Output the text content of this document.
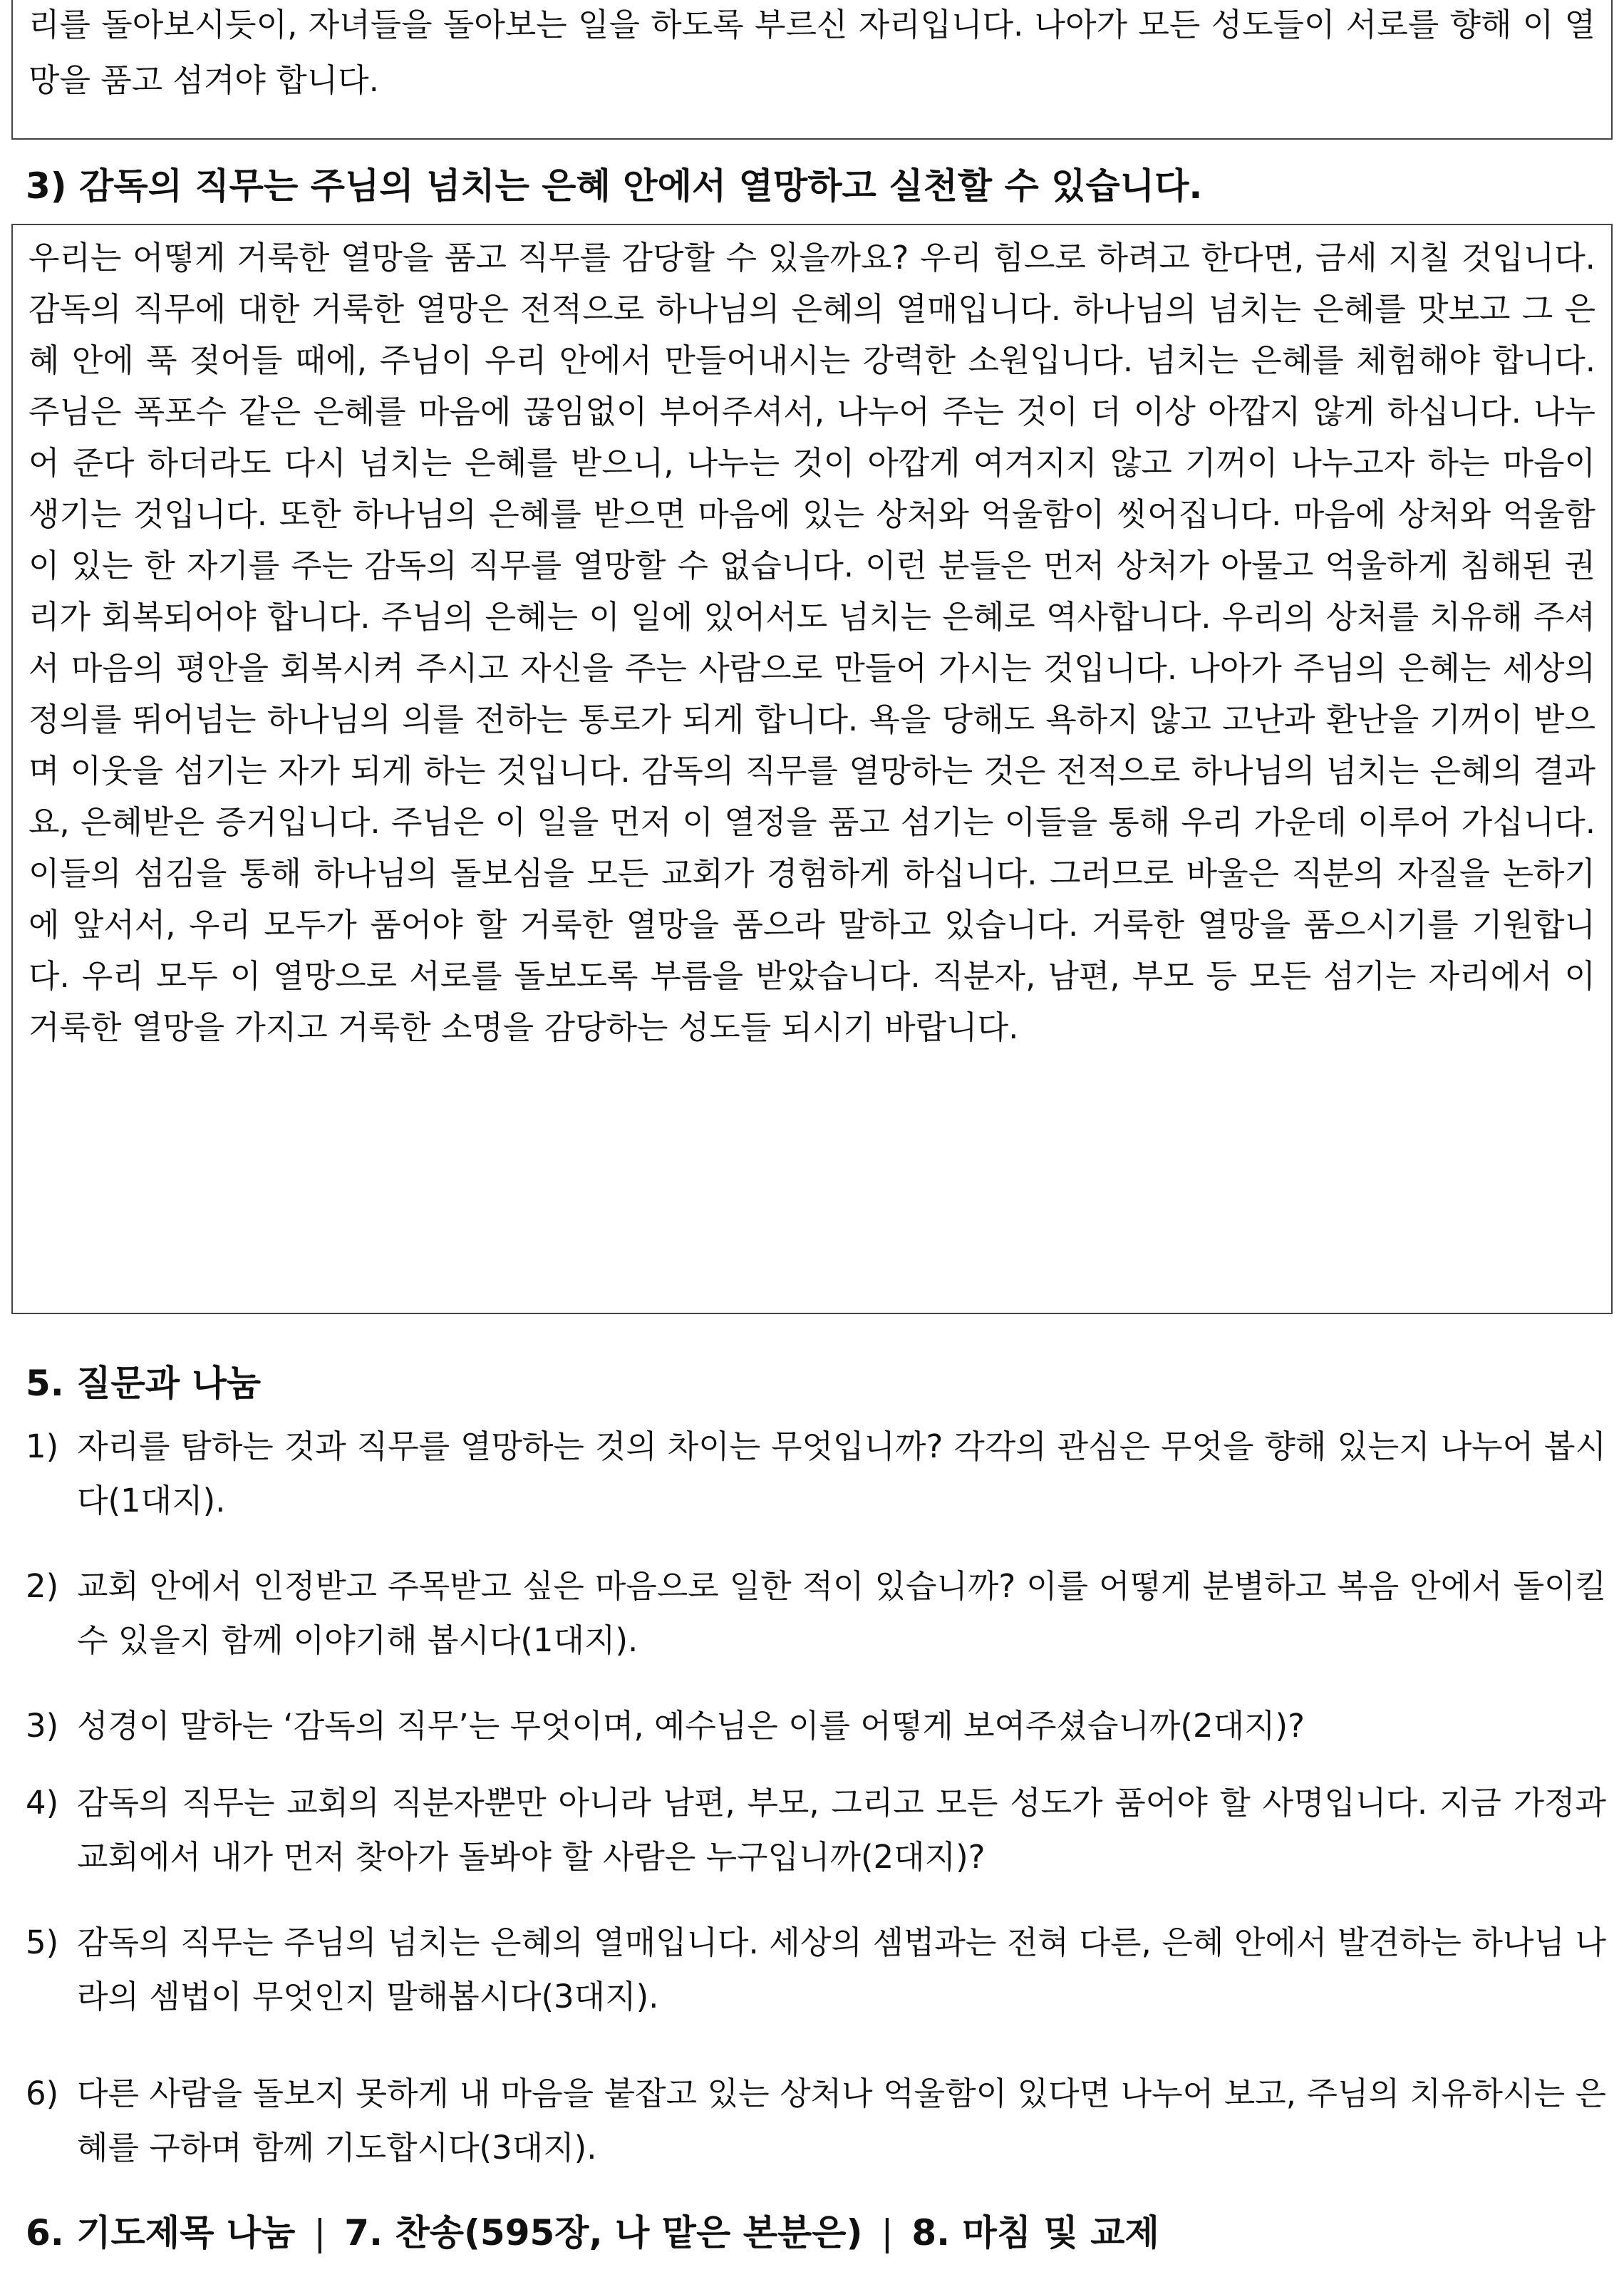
리를 돌아보시듯이, 자녀들을 돌아보는 일을 하도록 부르신 자리입니다. 나아가 모든 성도들이 서로를 향해 이 열망을 품고 섬겨야 합니다.

3) 감독의 직무는 주님의 넘치는 은혜 안에서 열망하고 실천할 수 있습니다.

우리는 어떻게 거룩한 열망을 품고 직무를 감당할 수 있을까요? 우리 힘으로 하려고 한다면, 금세 지칠 것입니다. 감독의 직무에 대한 거룩한 열망은 전적으로 하나님의 은혜의 열매입니다. 하나님의 넘치는 은혜를 맛보고 그 은혜 안에 푹 젖어들 때에, 주님이 우리 안에서 만들어내시는 강력한 소원입니다. 넘치는 은혜를 체험해야 합니다. 주님은 폭포수 같은 은혜를 마음에 끊임없이 부어주셔서, 나누어 주는 것이 더 이상 아깝지 않게 하십니다. 나누어 준다 하더라도 다시 넘치는 은혜를 받으니, 나누는 것이 아깝게 여겨지지 않고 기꺼이 나누고자 하는 마음이 생기는 것입니다. 또한 하나님의 은혜를 받으면 마음에 있는 상처와 억울함이 씻어집니다. 마음에 상처와 억울함이 있는 한 자기를 주는 감독의 직무를 열망할 수 없습니다. 이런 분들은 먼저 상처가 아물고 억울하게 침해된 권리가 회복되어야 합니다. 주님의 은혜는 이 일에 있어서도 넘치는 은혜로 역사합니다. 우리의 상처를 치유해 주셔서 마음의 평안을 회복시켜 주시고 자신을 주는 사람으로 만들어 가시는 것입니다. 나아가 주님의 은혜는 세상의 정의를 뛰어넘는 하나님의 의를 전하는 통로가 되게 합니다. 욕을 당해도 욕하지 않고 고난과 환난을 기꺼이 받으며 이웃을 섬기는 자가 되게 하는 것입니다. 감독의 직무를 열망하는 것은 전적으로 하나님의 넘치는 은혜의 결과요, 은혜받은 증거입니다. 주님은 이 일을 먼저 이 열정을 품고 섬기는 이들을 통해 우리 가운데 이루어 가십니다. 이들의 섬김을 통해 하나님의 돌보심을 모든 교회가 경험하게 하십니다. 그러므로 바울은 직분의 자질을 논하기에 앞서서, 우리 모두가 품어야 할 거룩한 열망을 품으라 말하고 있습니다. 거룩한 열망을 품으시기를 기원합니다. 우리 모두 이 열망으로 서로를 돌보도록 부름을 받았습니다. 직분자, 남편, 부모 등 모든 섬기는 자리에서 이 거룩한 열망을 가지고 거룩한 소명을 감당하는 성도들 되시기 바랍니다.

5. 질문과 나눔
1) 자리를 탐하는 것과 직무를 열망하는 것의 차이는 무엇입니까? 각각의 관심은 무엇을 향해 있는지 나누어 봅시다(1대지).
2) 교회 안에서 인정받고 주목받고 싶은 마음으로 일한 적이 있습니까? 이를 어떻게 분별하고 복음 안에서 돌이킬 수 있을지 함께 이야기해 봅시다(1대지).
3) 성경이 말하는 ‘감독의 직무’는 무엇이며, 예수님은 이를 어떻게 보여주셨습니까(2대지)?
4) 감독의 직무는 교회의 직분자뿐만 아니라 남편, 부모, 그리고 모든 성도가 품어야 할 사명입니다. 지금 가정과 교회에서 내가 먼저 찾아가 돌봐야 할 사람은 누구입니까(2대지)?
5) 감독의 직무는 주님의 넘치는 은혜의 열매입니다. 세상의 셈법과는 전혀 다른, 은혜 안에서 발견하는 하나님 나라의 셈법이 무엇인지 말해봅시다(3대지).
6) 다른 사람을 돌보지 못하게 내 마음을 붙잡고 있는 상처나 억울함이 있다면 나누어 보고, 주님의 치유하시는 은혜를 구하며 함께 기도합시다(3대지).
6. 기도제목 나눔 | 7. 찬송(595장, 나 맡은 본분은) | 8. 마침 및 교제
